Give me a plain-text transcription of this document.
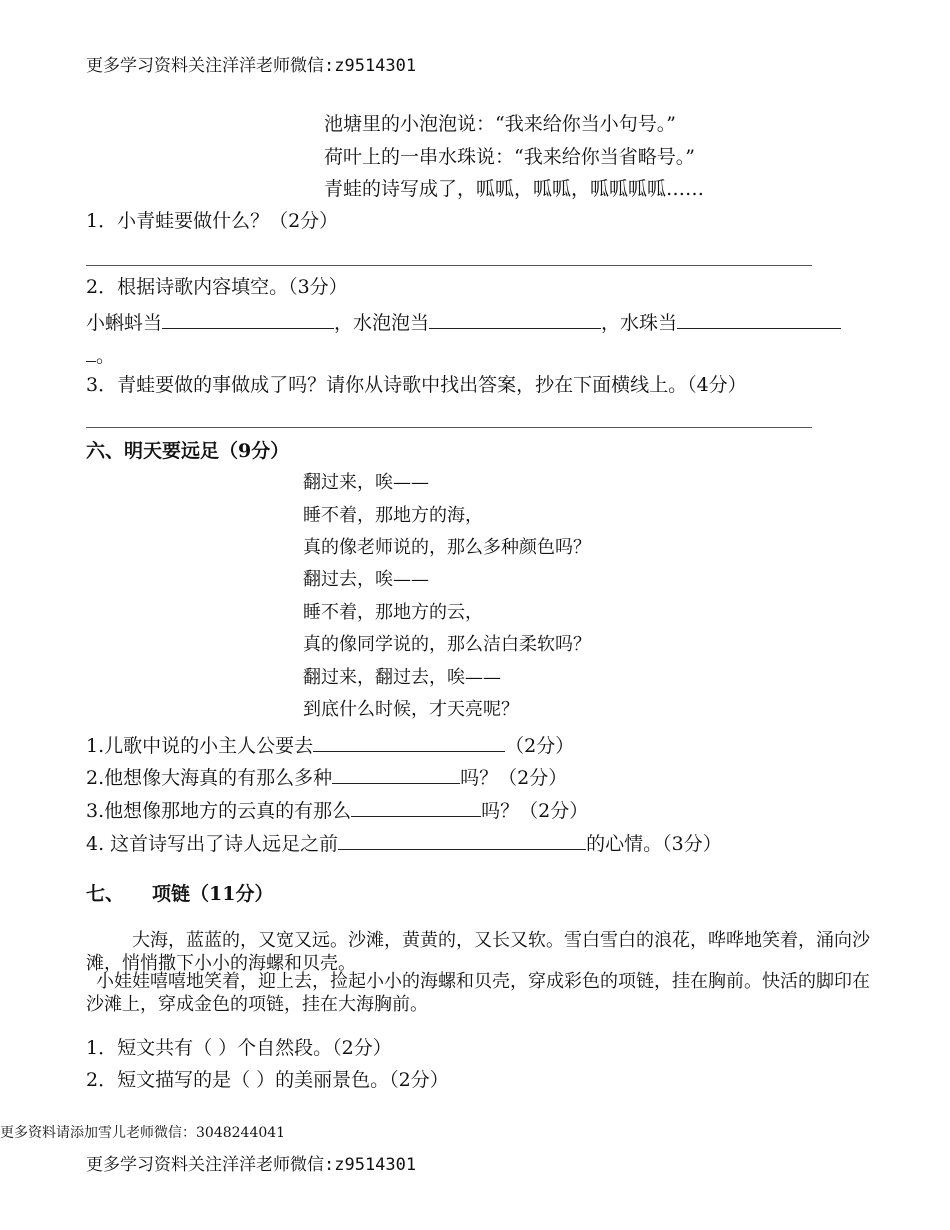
更多学习资料关注洋洋老师微信:z9514301
池塘里的小泡泡说：“我来给你当小句号。”
荷叶上的一串水珠说：“我来给你当省略号。”
青蛙的诗写成了，呱呱，呱呱，呱呱呱呱……
1．小青蛙要做什么？（2分）
2．根据诗歌内容填空。（3分）
小蝌蚪当	，水泡泡当	，水珠当
。
3．青蛙要做的事做成了吗？请你从诗歌中找出答案，抄在下面横线上。（4分）
六、明天要远足（9分）
翻过来，唉——
睡不着，那地方的海，
真的像老师说的，那么多种颜色吗？
翻过去，唉——
睡不着，那地方的云，
真的像同学说的，那么洁白柔软吗？
翻过来，翻过去，唉——
到底什么时候，才天亮呢？
1.儿歌中说的小主人公要去	（2分）
2.他想像大海真的有那么多种	吗？（2分）
3.他想像那地方的云真的有那么	吗？（2分）
4. 这首诗写出了诗人远足之前	的心情。（3分）
七、 项链（11分）
大海，蓝蓝的，又宽又远。沙滩，黄黄的，又长又软。雪白雪白的浪花，哗哗地笑着，涌向沙滩，悄悄撒下小小的海螺和贝壳。
小娃娃嘻嘻地笑着，迎上去，捡起小小的海螺和贝壳，穿成彩色的项链，挂在胸前。快活的脚印在沙滩上，穿成金色的项链，挂在大海胸前。
1．短文共有（ ）个自然段。（2分）
2．短文描写的是（ ）的美丽景色。（2分）
更多资料请添加雪儿老师微信：3048244041
更多学习资料关注洋洋老师微信:z9514301
